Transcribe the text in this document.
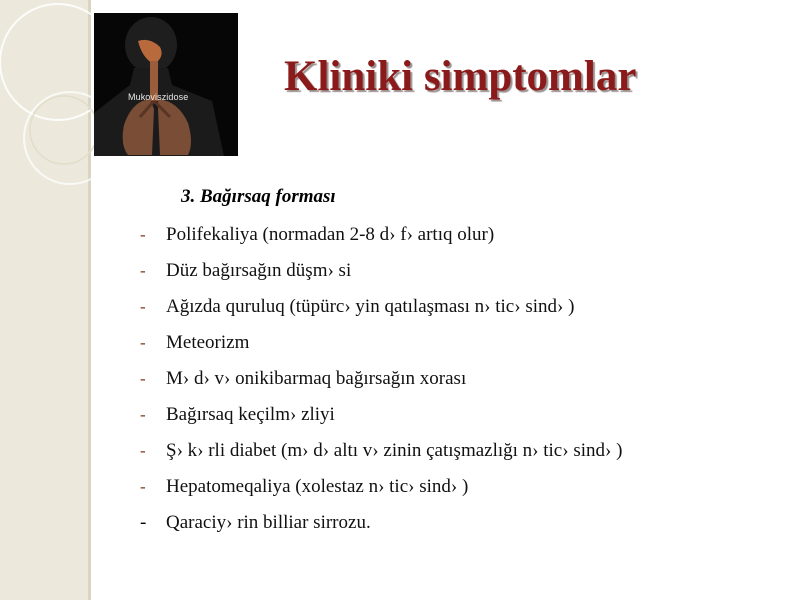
Mukoviszidose Kliniki simptomlar
3. Bağırsaq forması
- Polifekaliya (normadan 2-8 d› f› artıq olur)
- Düz bağırsağın düşm› si
- Ağızda quruluq (tüpürc› yin qatılaşması n› tic› sind› )
- Meteorizm
- M› d› v› onikibarmaq bağırsağın xorası
- Bağırsaq keçilm› zliyi
- Ş› k› rli diabet (m› d› altı v› zinin çatışmazlığı n› tic› sind› )
- Hepatomeqaliya (xolestaz n› tic› sind› )
- Qaraciy› rin billiar sirrozu.
